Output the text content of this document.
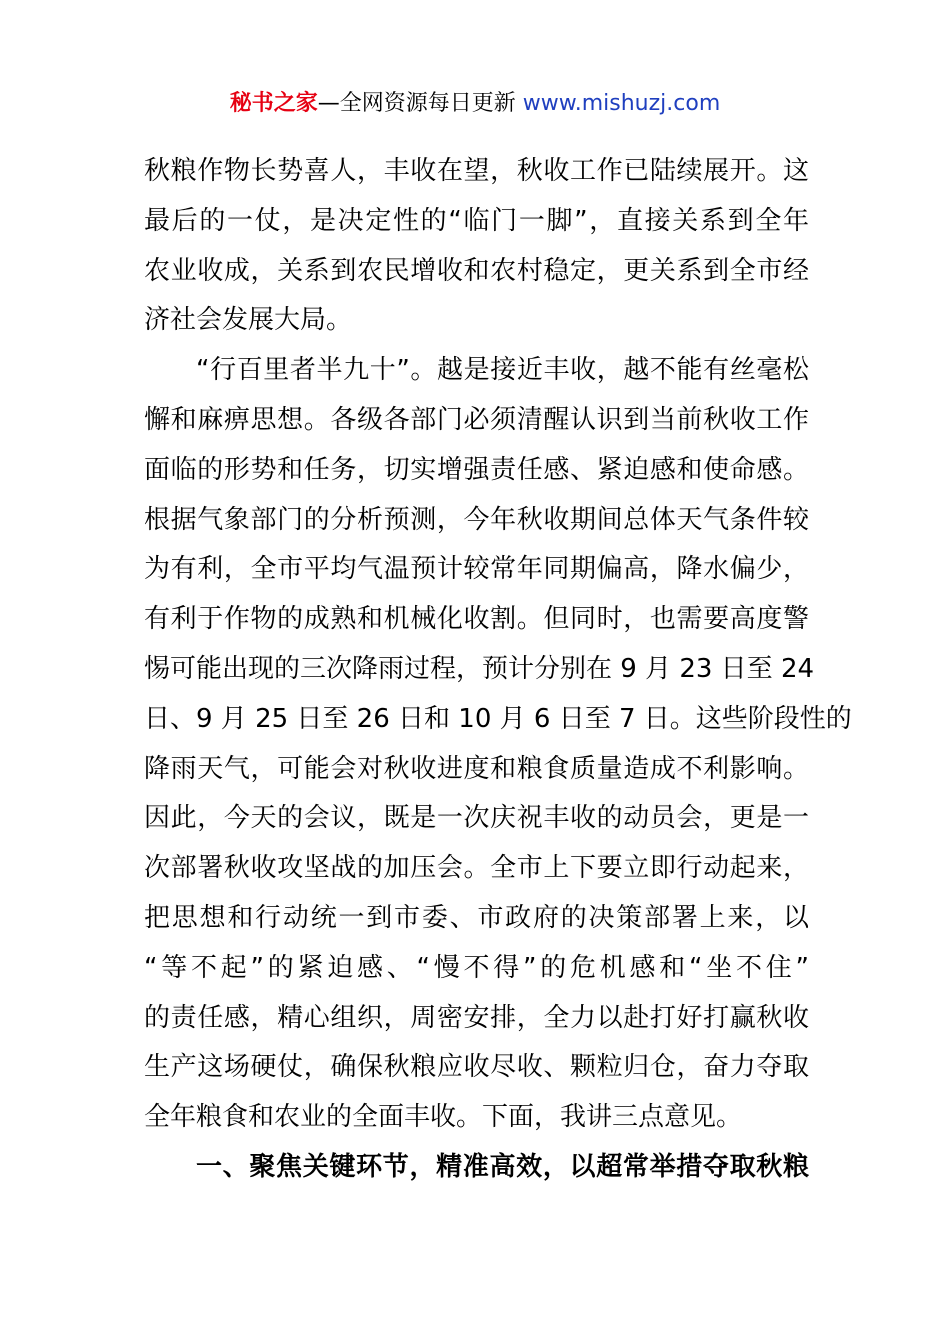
秘书之家—全网资源每日更新 www.mishuzj.com
秋粮作物长势喜人，丰收在望，秋收工作已陆续展开。这
最后的一仗，是决定性的“临门一脚”，直接关系到全年
农业收成，关系到农民增收和农村稳定，更关系到全市经
济社会发展大局。
“行百里者半九十”。越是接近丰收，越不能有丝毫松
懈和麻痹思想。各级各部门必须清醒认识到当前秋收工作
面临的形势和任务，切实增强责任感、紧迫感和使命感。
根据气象部门的分析预测，今年秋收期间总体天气条件较
为有利，全市平均气温预计较常年同期偏高，降水偏少，
有利于作物的成熟和机械化收割。但同时，也需要高度警
惕可能出现的三次降雨过程，预计分别在 9 月 23 日至 24
日、9 月 25 日至 26 日和 10 月 6 日至 7 日。这些阶段性的
降雨天气，可能会对秋收进度和粮食质量造成不利影响。
因此，今天的会议，既是一次庆祝丰收的动员会，更是一
次部署秋收攻坚战的加压会。全市上下要立即行动起来，
把思想和行动统一到市委、市政府的决策部署上来，以
“等不起”的紧迫感、“慢不得”的危机感和“坐不住”
的责任感，精心组织，周密安排，全力以赴打好打赢秋收
生产这场硬仗，确保秋粮应收尽收、颗粒归仓，奋力夺取
全年粮食和农业的全面丰收。下面，我讲三点意见。
一、聚焦关键环节，精准高效，以超常举措夺取秋粮
